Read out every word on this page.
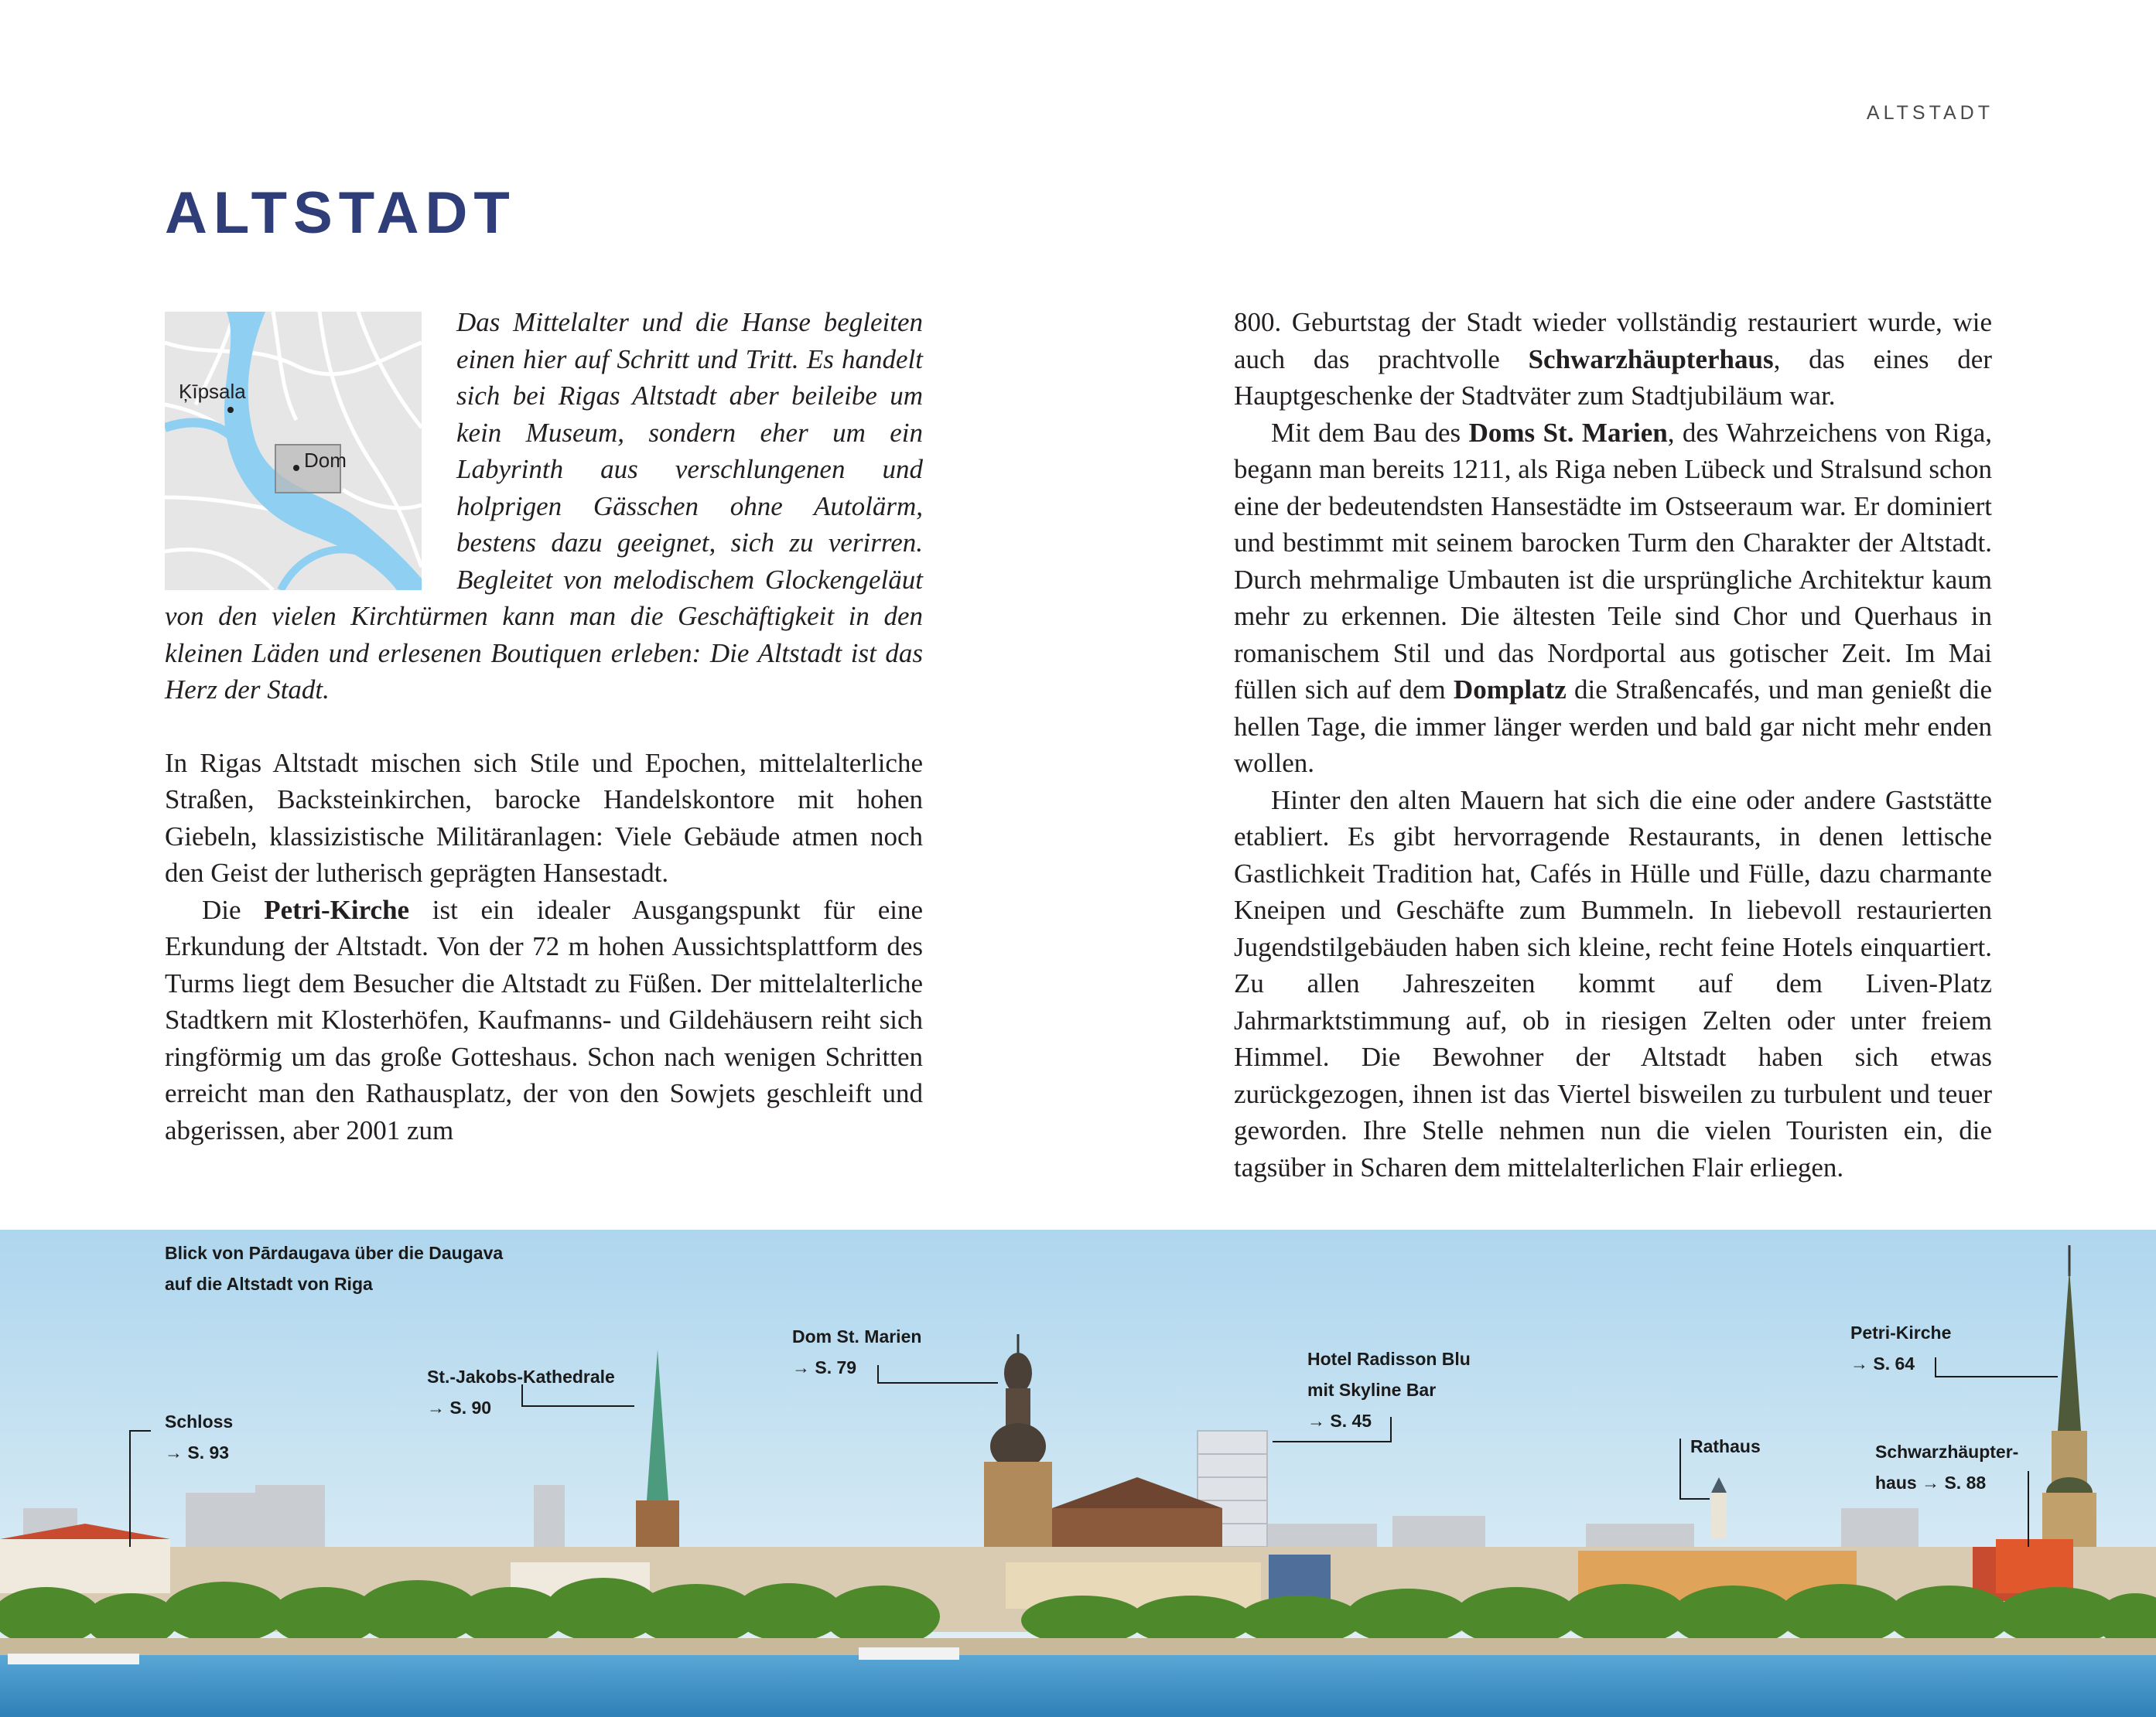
ALTSTADT
ALTSTADT
Ķīpsala
Dom

Das Mittelalter und die Hanse begleiten einen hier auf Schritt und Tritt. Es handelt sich bei Rigas Altstadt aber beileibe um kein Museum, sondern eher um ein Labyrinth aus verschlungenen und holprigen Gässchen ohne Autolärm, bestens dazu geeignet, sich zu verirren. Begleitet von melodischem Glockengeläut von den vielen Kirchtürmen kann man die Geschäftigkeit in den kleinen Läden und erlesenen Boutiquen erleben: Die Altstadt ist das Herz der Stadt.

In Rigas Altstadt mischen sich Stile und Epochen, mittelalterliche Straßen, Backsteinkirchen, barocke Handelskontore mit hohen Giebeln, klassizistische Militäranlagen: Viele Gebäude atmen noch den Geist der lutherisch geprägten Hansestadt.

Die Petri-Kirche ist ein idealer Ausgangspunkt für eine Erkundung der Altstadt. Von der 72 m hohen Aussichtsplattform des Turms liegt dem Besucher die Altstadt zu Füßen. Der mittelalterliche Stadtkern mit Klosterhöfen, Kaufmanns- und Gildehäusern reiht sich ringförmig um das große Gotteshaus. Schon nach wenigen Schritten erreicht man den Rathausplatz, der von den Sowjets geschleift und abgerissen, aber 2001 zum

800. Geburtstag der Stadt wieder vollständig restauriert wurde, wie auch das prachtvolle Schwarzhäupterhaus, das eines der Hauptgeschenke der Stadtväter zum Stadtjubiläum war.

Mit dem Bau des Doms St. Marien, des Wahrzeichens von Riga, begann man bereits 1211, als Riga neben Lübeck und Stralsund schon eine der bedeutendsten Hansestädte im Ostseeraum war. Er dominiert und bestimmt mit seinem barocken Turm den Charakter der Altstadt. Durch mehrmalige Umbauten ist die ursprüngliche Architektur kaum mehr zu erkennen. Die ältesten Teile sind Chor und Querhaus in romanischem Stil und das Nordportal aus gotischer Zeit. Im Mai füllen sich auf dem Domplatz die Straßencafés, und man genießt die hellen Tage, die immer länger werden und bald gar nicht mehr enden wollen.

Hinter den alten Mauern hat sich die eine oder andere Gaststätte etabliert. Es gibt hervorragende Restaurants, in denen lettische Gastlichkeit Tradition hat, Cafés in Hülle und Fülle, dazu charmante Kneipen und Geschäfte zum Bummeln. In liebevoll restaurierten Jugendstilgebäuden haben sich kleine, recht feine Hotels einquartiert. Zu allen Jahreszeiten kommt auf dem Liven-Platz Jahrmarktstimmung auf, ob in riesigen Zelten oder unter freiem Himmel. Die Bewohner der Altstadt haben sich etwas zurückgezogen, ihnen ist das Viertel bisweilen zu turbulent und teuer geworden. Ihre Stelle nehmen nun die vielen Touristen ein, die tagsüber in Scharen dem mittelalterlichen Flair erliegen.

Blick von Pārdaugava über die Daugava
auf die Altstadt von Riga
Schloss
→ S. 93
St.-Jakobs-Kathedrale
→ S. 90
Dom St. Marien
→ S. 79	Hotel Radisson Blu
mit Skyline Bar
→ S. 45
Rathaus
Petri-Kirche
→ S. 64
Schwarzhäupter-
haus → S. 88
